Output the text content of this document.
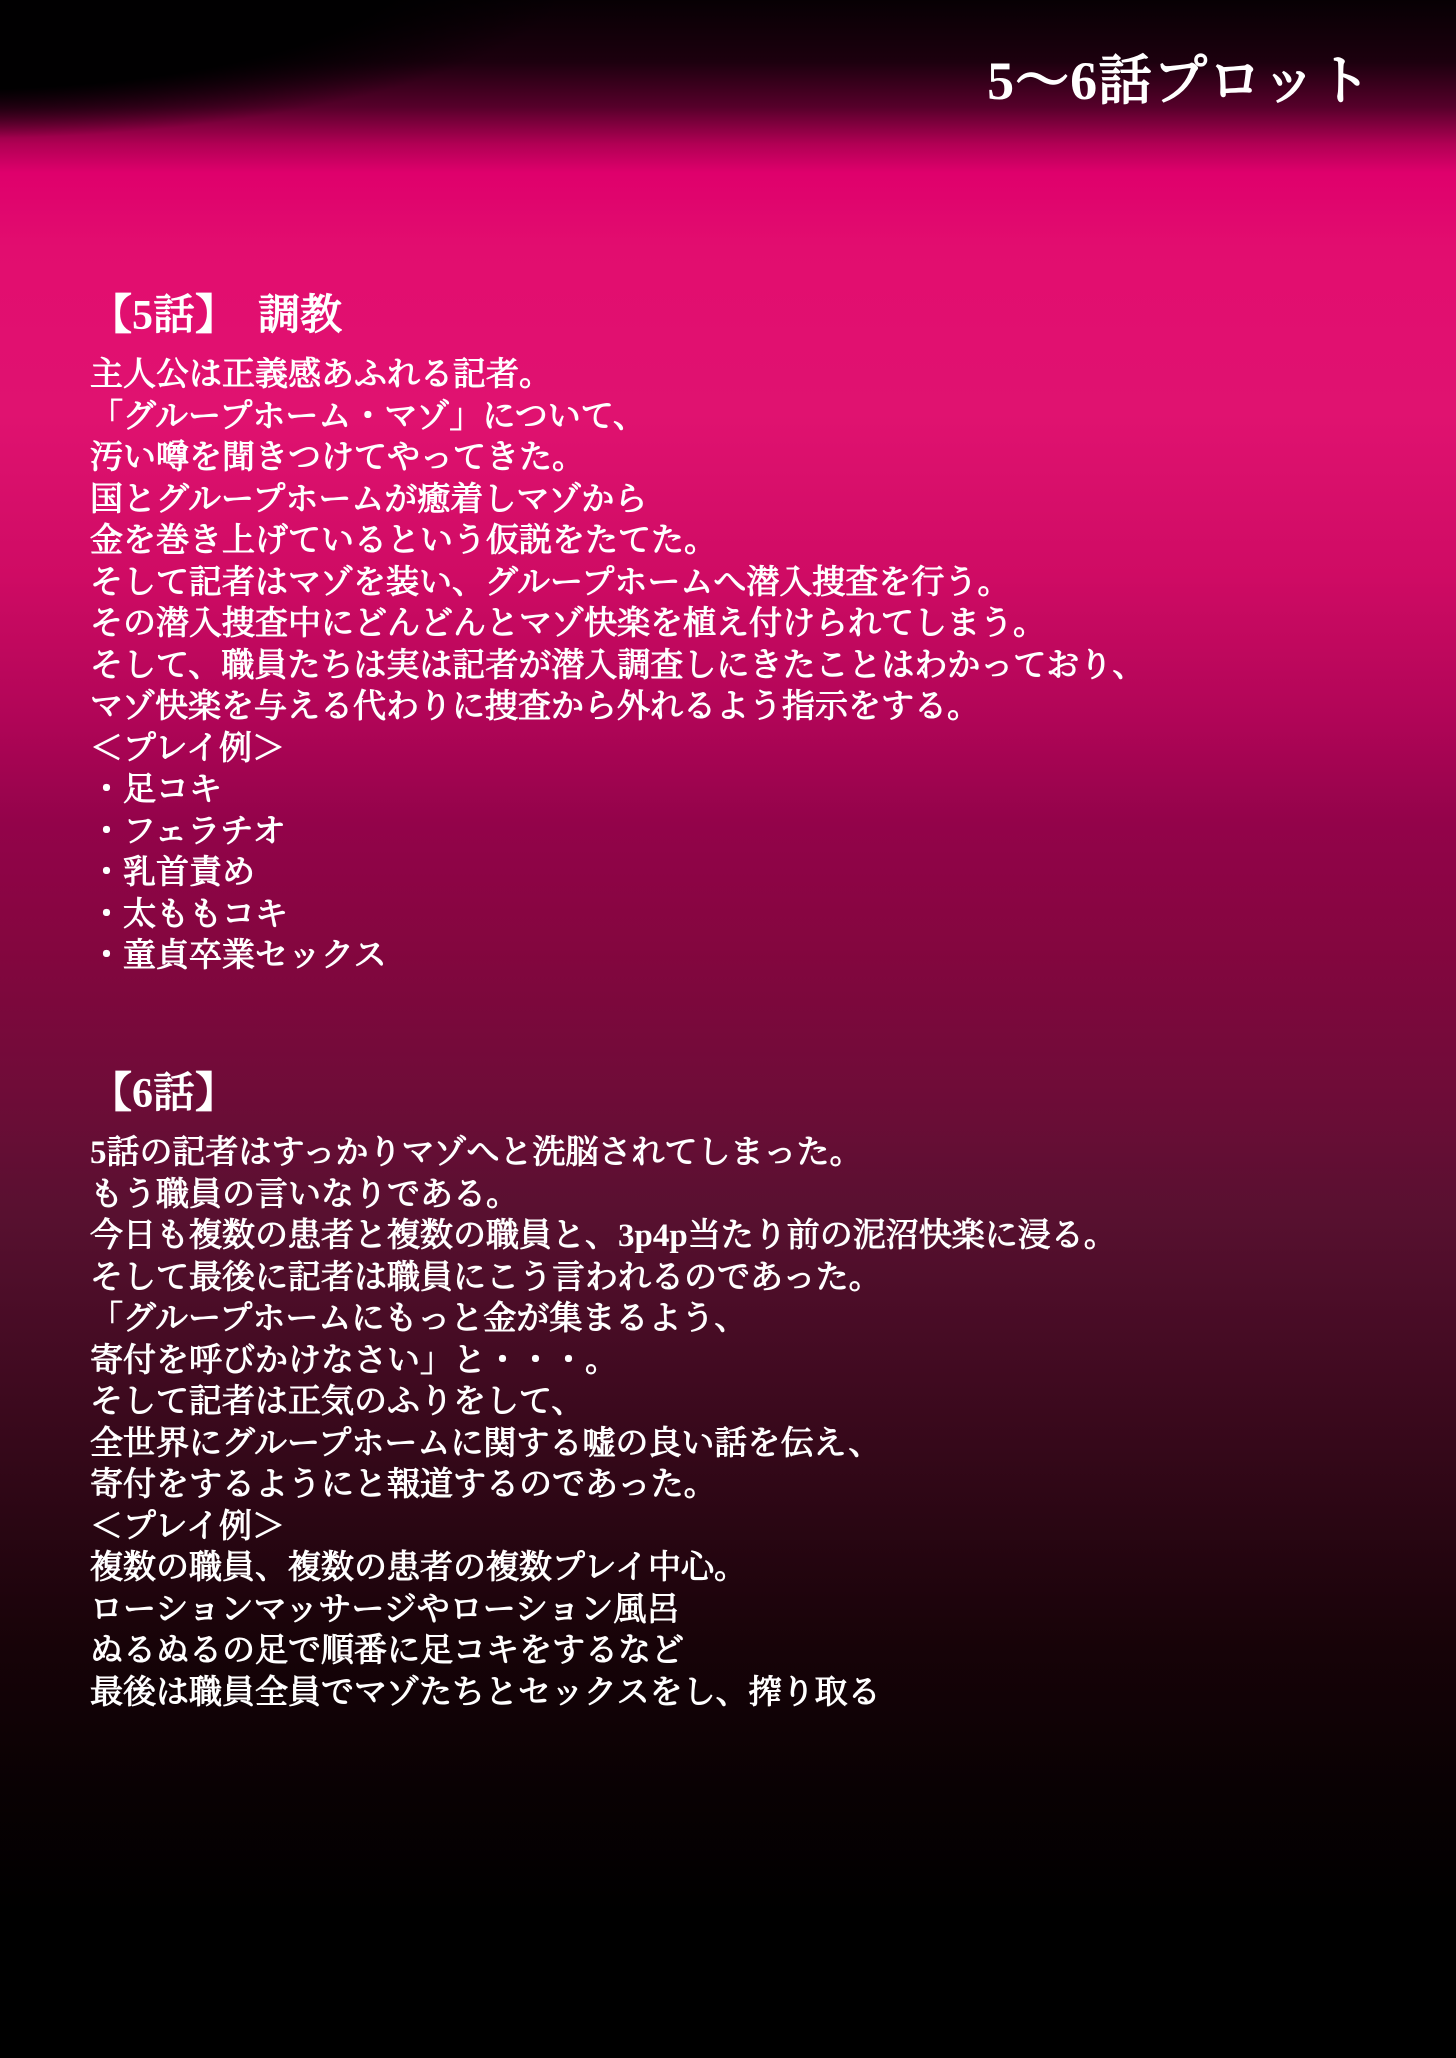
5〜6話プロット
【5話】　調教

主人公は正義感あふれる記者。

「グループホーム・マゾ」について、

汚い噂を聞きつけてやってきた。

国とグループホームが癒着しマゾから

金を巻き上げているという仮説をたてた。

そして記者はマゾを装い、グループホームへ潜入捜査を行う。

その潜入捜査中にどんどんとマゾ快楽を植え付けられてしまう。

そして、職員たちは実は記者が潜入調査しにきたことはわかっており、

マゾ快楽を与える代わりに捜査から外れるよう指示をする。

＜プレイ例＞

・足コキ

・フェラチオ

・乳首責め

・太ももコキ

・童貞卒業セックス

【6話】

5話の記者はすっかりマゾへと洗脳されてしまった。

もう職員の言いなりである。

今日も複数の患者と複数の職員と、3p4p当たり前の泥沼快楽に浸る。

そして最後に記者は職員にこう言われるのであった。

「グループホームにもっと金が集まるよう、

寄付を呼びかけなさい」と・・・。

そして記者は正気のふりをして、

全世界にグループホームに関する嘘の良い話を伝え、

寄付をするようにと報道するのであった。

＜プレイ例＞

複数の職員、複数の患者の複数プレイ中心。

ローションマッサージやローション風呂

ぬるぬるの足で順番に足コキをするなど

最後は職員全員でマゾたちとセックスをし、搾り取る
